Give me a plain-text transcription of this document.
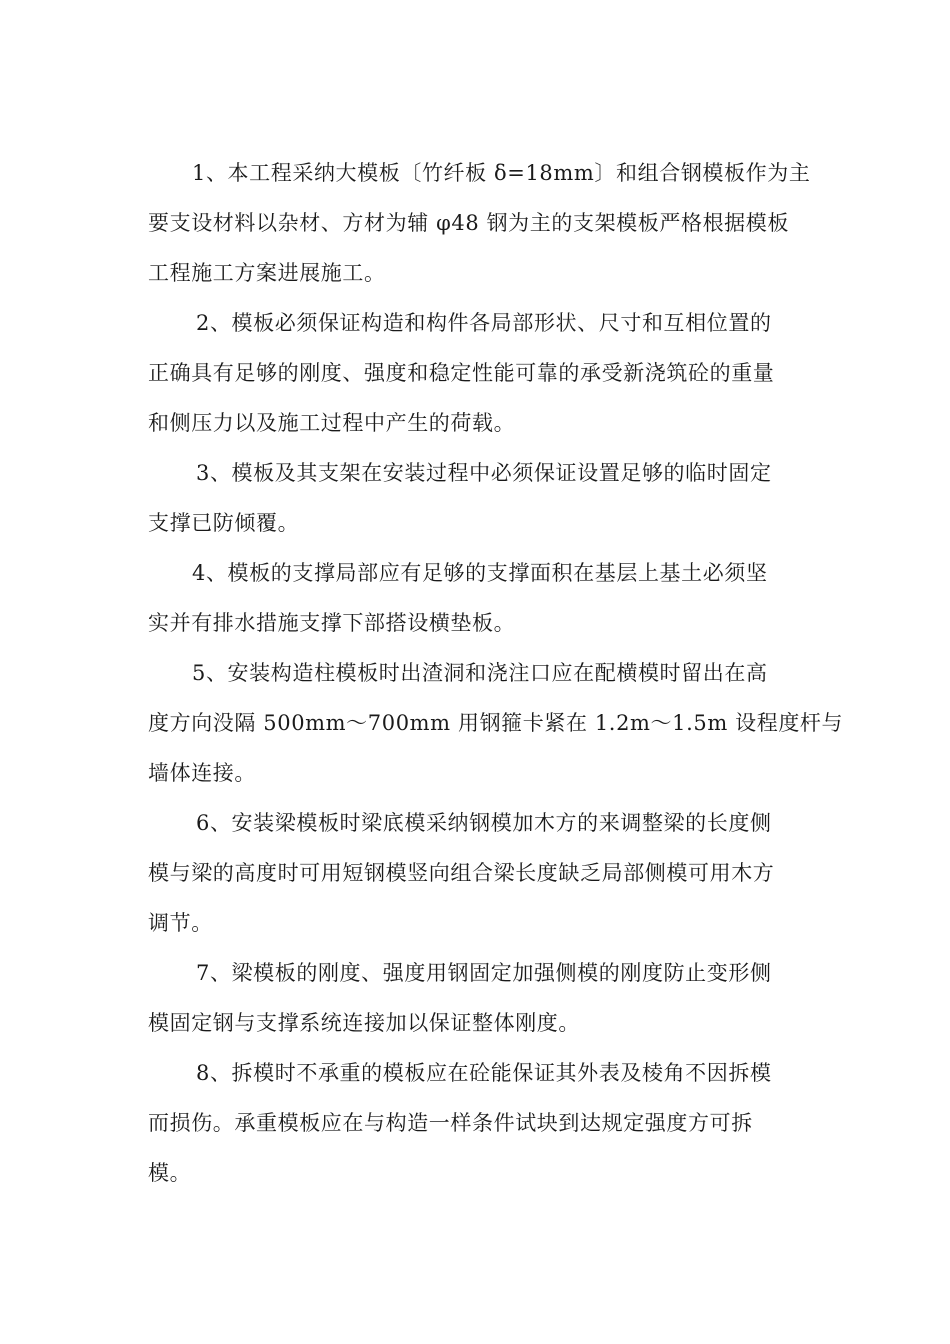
1、本工程采纳大模板〔竹纤板 δ=18mm〕和组合钢模板作为主
要支设材料以杂材、方材为辅 φ48 钢为主的支架模板严格根据模板
工程施工方案进展施工。
2、模板必须保证构造和构件各局部形状、尺寸和互相位置的
正确具有足够的刚度、强度和稳定性能可靠的承受新浇筑砼的重量
和侧压力以及施工过程中产生的荷载。
3、模板及其支架在安装过程中必须保证设置足够的临时固定
支撑已防倾覆。
4、模板的支撑局部应有足够的支撑面积在基层上基土必须坚
实并有排水措施支撑下部搭设横垫板。
5、安装构造柱模板时出渣洞和浇注口应在配横模时留出在高
度方向没隔 500mm～700mm 用钢箍卡紧在 1.2m～1.5m 设程度杆与
墙体连接。
6、安装梁模板时梁底模采纳钢模加木方的来调整梁的长度侧
模与梁的高度时可用短钢模竖向组合梁长度缺乏局部侧模可用木方
调节。
7、梁模板的刚度、强度用钢固定加强侧模的刚度防止变形侧
模固定钢与支撑系统连接加以保证整体刚度。
8、拆模时不承重的模板应在砼能保证其外表及棱角不因拆模
而损伤。承重模板应在与构造一样条件试块到达规定强度方可拆
模。
